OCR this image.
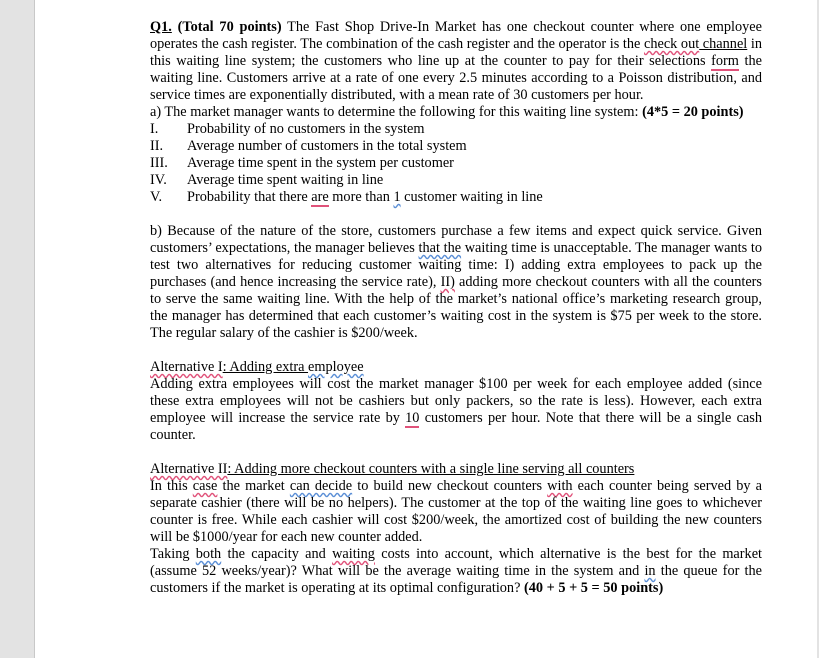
Q1. (Total 70 points) The Fast Shop Drive-In Market has one checkout counter where one employee operates the cash register. The combination of the cash register and the operator is the check out channel in this waiting line system; the customers who line up at the counter to pay for their selections form the waiting line. Customers arrive at a rate of one every 2.5 minutes according to a Poisson distribution, and service times are exponentially distributed, with a mean rate of 30 customers per hour.

a) The market manager wants to determine the following for this waiting line system: (4*5 = 20 points)

I.	Probability of no customers in the system
II.	Average number of customers in the total system
III.	Average time spent in the system per customer
IV.	Average time spent waiting in line
V.	Probability that there are more than 1 customer waiting in line

b) Because of the nature of the store, customers purchase a few items and expect quick service. Given customers’ expectations, the manager believes that the waiting time is unacceptable. The manager wants to test two alternatives for reducing customer waiting time: I) adding extra employees to pack up the purchases (and hence increasing the service rate), II) adding more checkout counters with all the counters to serve the same waiting line. With the help of the market’s national office’s marketing research group, the manager has determined that each customer’s waiting cost in the system is $75 per week to the store. The regular salary of the cashier is $200/week.

Alternative I: Adding extra employee

Adding extra employees will cost the market manager $100 per week for each employee added (since these extra employees will not be cashiers but only packers, so the rate is less). However, each extra employee will increase the service rate by 10 customers per hour. Note that there will be a single cash counter.

Alternative II: Adding more checkout counters with a single line serving all counters

In this case the market can decide to build new checkout counters with each counter being served by a separate cashier (there will be no helpers). The customer at the top of the waiting line goes to whichever counter is free. While each cashier will cost $200/week, the amortized cost of building the new counters will be $1000/year for each new counter added.

Taking both the capacity and waiting costs into account, which alternative is the best for the market (assume 52 weeks/year)? What will be the average waiting time in the system and in the queue for the customers if the market is operating at its optimal configuration? (40 + 5 + 5 = 50 points)
